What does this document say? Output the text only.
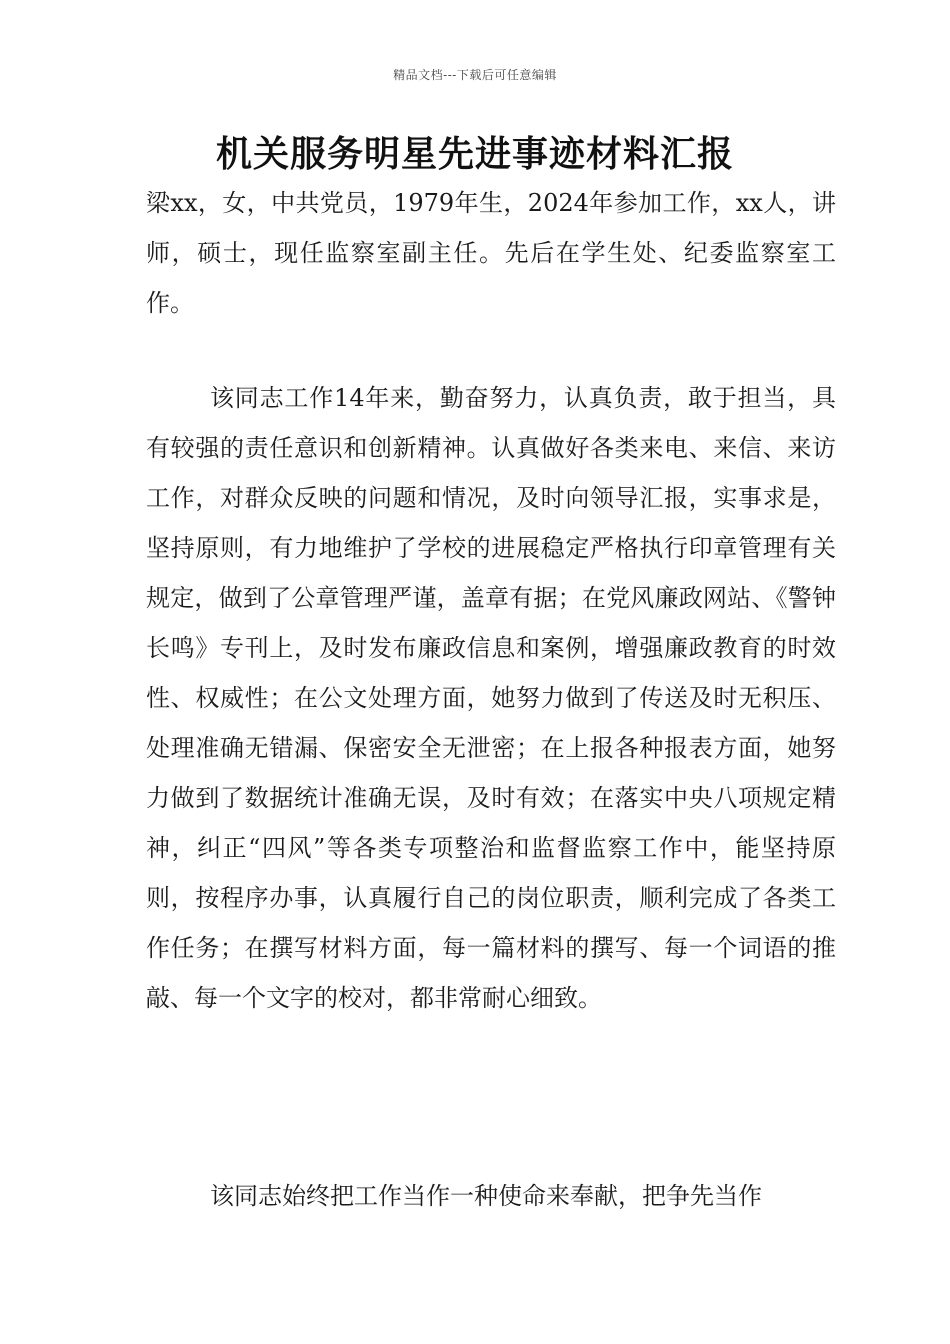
精品文档---下载后可任意编辑
机关服务明星先进事迹材料汇报

梁xx，女，中共党员，1979年生，2024年参加工作，xx人，讲师，硕士，现任监察室副主任。先后在学生处、纪委监察室工作。

该同志工作14年来，勤奋努力，认真负责，敢于担当，具有较强的责任意识和创新精神。认真做好各类来电、来信、来访工作，对群众反映的问题和情况，及时向领导汇报，实事求是，坚持原则，有力地维护了学校的进展稳定严格执行印章管理有关规定，做到了公章管理严谨，盖章有据；在党风廉政网站、《警钟长鸣》专刊上，及时发布廉政信息和案例，增强廉政教育的时效性、权威性；在公文处理方面，她努力做到了传送及时无积压、处理准确无错漏、保密安全无泄密；在上报各种报表方面，她努力做到了数据统计准确无误，及时有效；在落实中央八项规定精神，纠正“四风”等各类专项整治和监督监察工作中，能坚持原则，按程序办事，认真履行自己的岗位职责，顺利完成了各类工作任务；在撰写材料方面，每一篇材料的撰写、每一个词语的推敲、每一个文字的校对，都非常耐心细致。

该同志始终把工作当作一种使命来奉献，把争先当作
